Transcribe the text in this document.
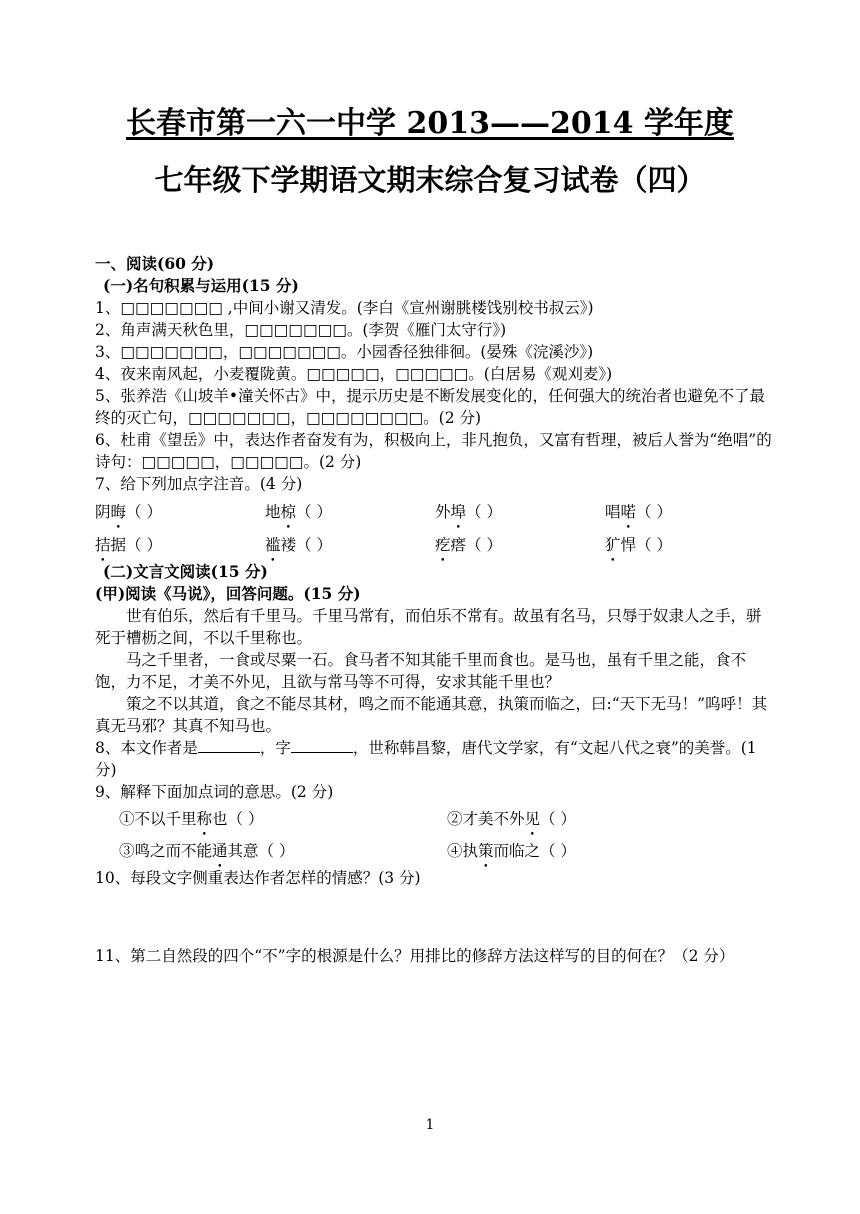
长春市第一六一中学 2013——2014 学年度
七年级下学期语文期末综合复习试卷（四）

一、阅读(60 分)

(一)名句积累与运用(15 分)

1、□□□□□□□ ,中间小谢又清发。(李白《宣州谢朓楼饯别校书叔云》)

2、角声满天秋色里，□□□□□□□。(李贺《雁门太守行》)

3、□□□□□□□，□□□□□□□。小园香径独徘徊。(晏殊《浣溪沙》)

4、夜来南风起，小麦覆陇黄。□□□□□，□□□□□。(白居易《观刈麦》)

5、张养浩《山坡羊•潼关怀古》中，提示历史是不断发展变化的，任何强大的统治者也避免不了最终的灭亡句，□□□□□□□，□□□□□□□□。(2 分)

6、杜甫《望岳》中，表达作者奋发有为，积极向上，非凡抱负，又富有哲理，被后人誉为“绝唱”的诗句：□□□□□，□□□□□。(2 分)

7、给下列加点字注音。(4 分)

阴晦（ ）	地椋（ ）	外埠（ ）	唱喏（ ）
拮据（ ）	褴褛（ ）	疙瘩（ ）	犷悍（ ）

(二)文言文阅读(15 分)

(甲)阅读《马说》，回答问题。(15 分)

世有伯乐，然后有千里马。千里马常有，而伯乐不常有。故虽有名马，只辱于奴隶人之手，骈死于槽枥之间，不以千里称也。

马之千里者，一食或尽粟一石。食马者不知其能千里而食也。是马也，虽有千里之能，食不饱，力不足，才美不外见，且欲与常马等不可得，安求其能千里也？

策之不以其道，食之不能尽其材，鸣之而不能通其意，执策而临之，曰:“天下无马！”呜呼！其真无马邪？其真不知马也。

8、本文作者是	，字	，世称韩昌黎，唐代文学家，有“文起八代之衰”的美誉。(1 分)

9、解释下面加点词的意思。(2 分)

①不以千里称也（ ）	②才美不外见（ ）
③鸣之而不能通其意（ ）	④执策而临之（ ）

10、每段文字侧重表达作者怎样的情感？(3 分)

11、第二自然段的四个“不”字的根源是什么？用排比的修辞方法这样写的目的何在？（2 分）

1
